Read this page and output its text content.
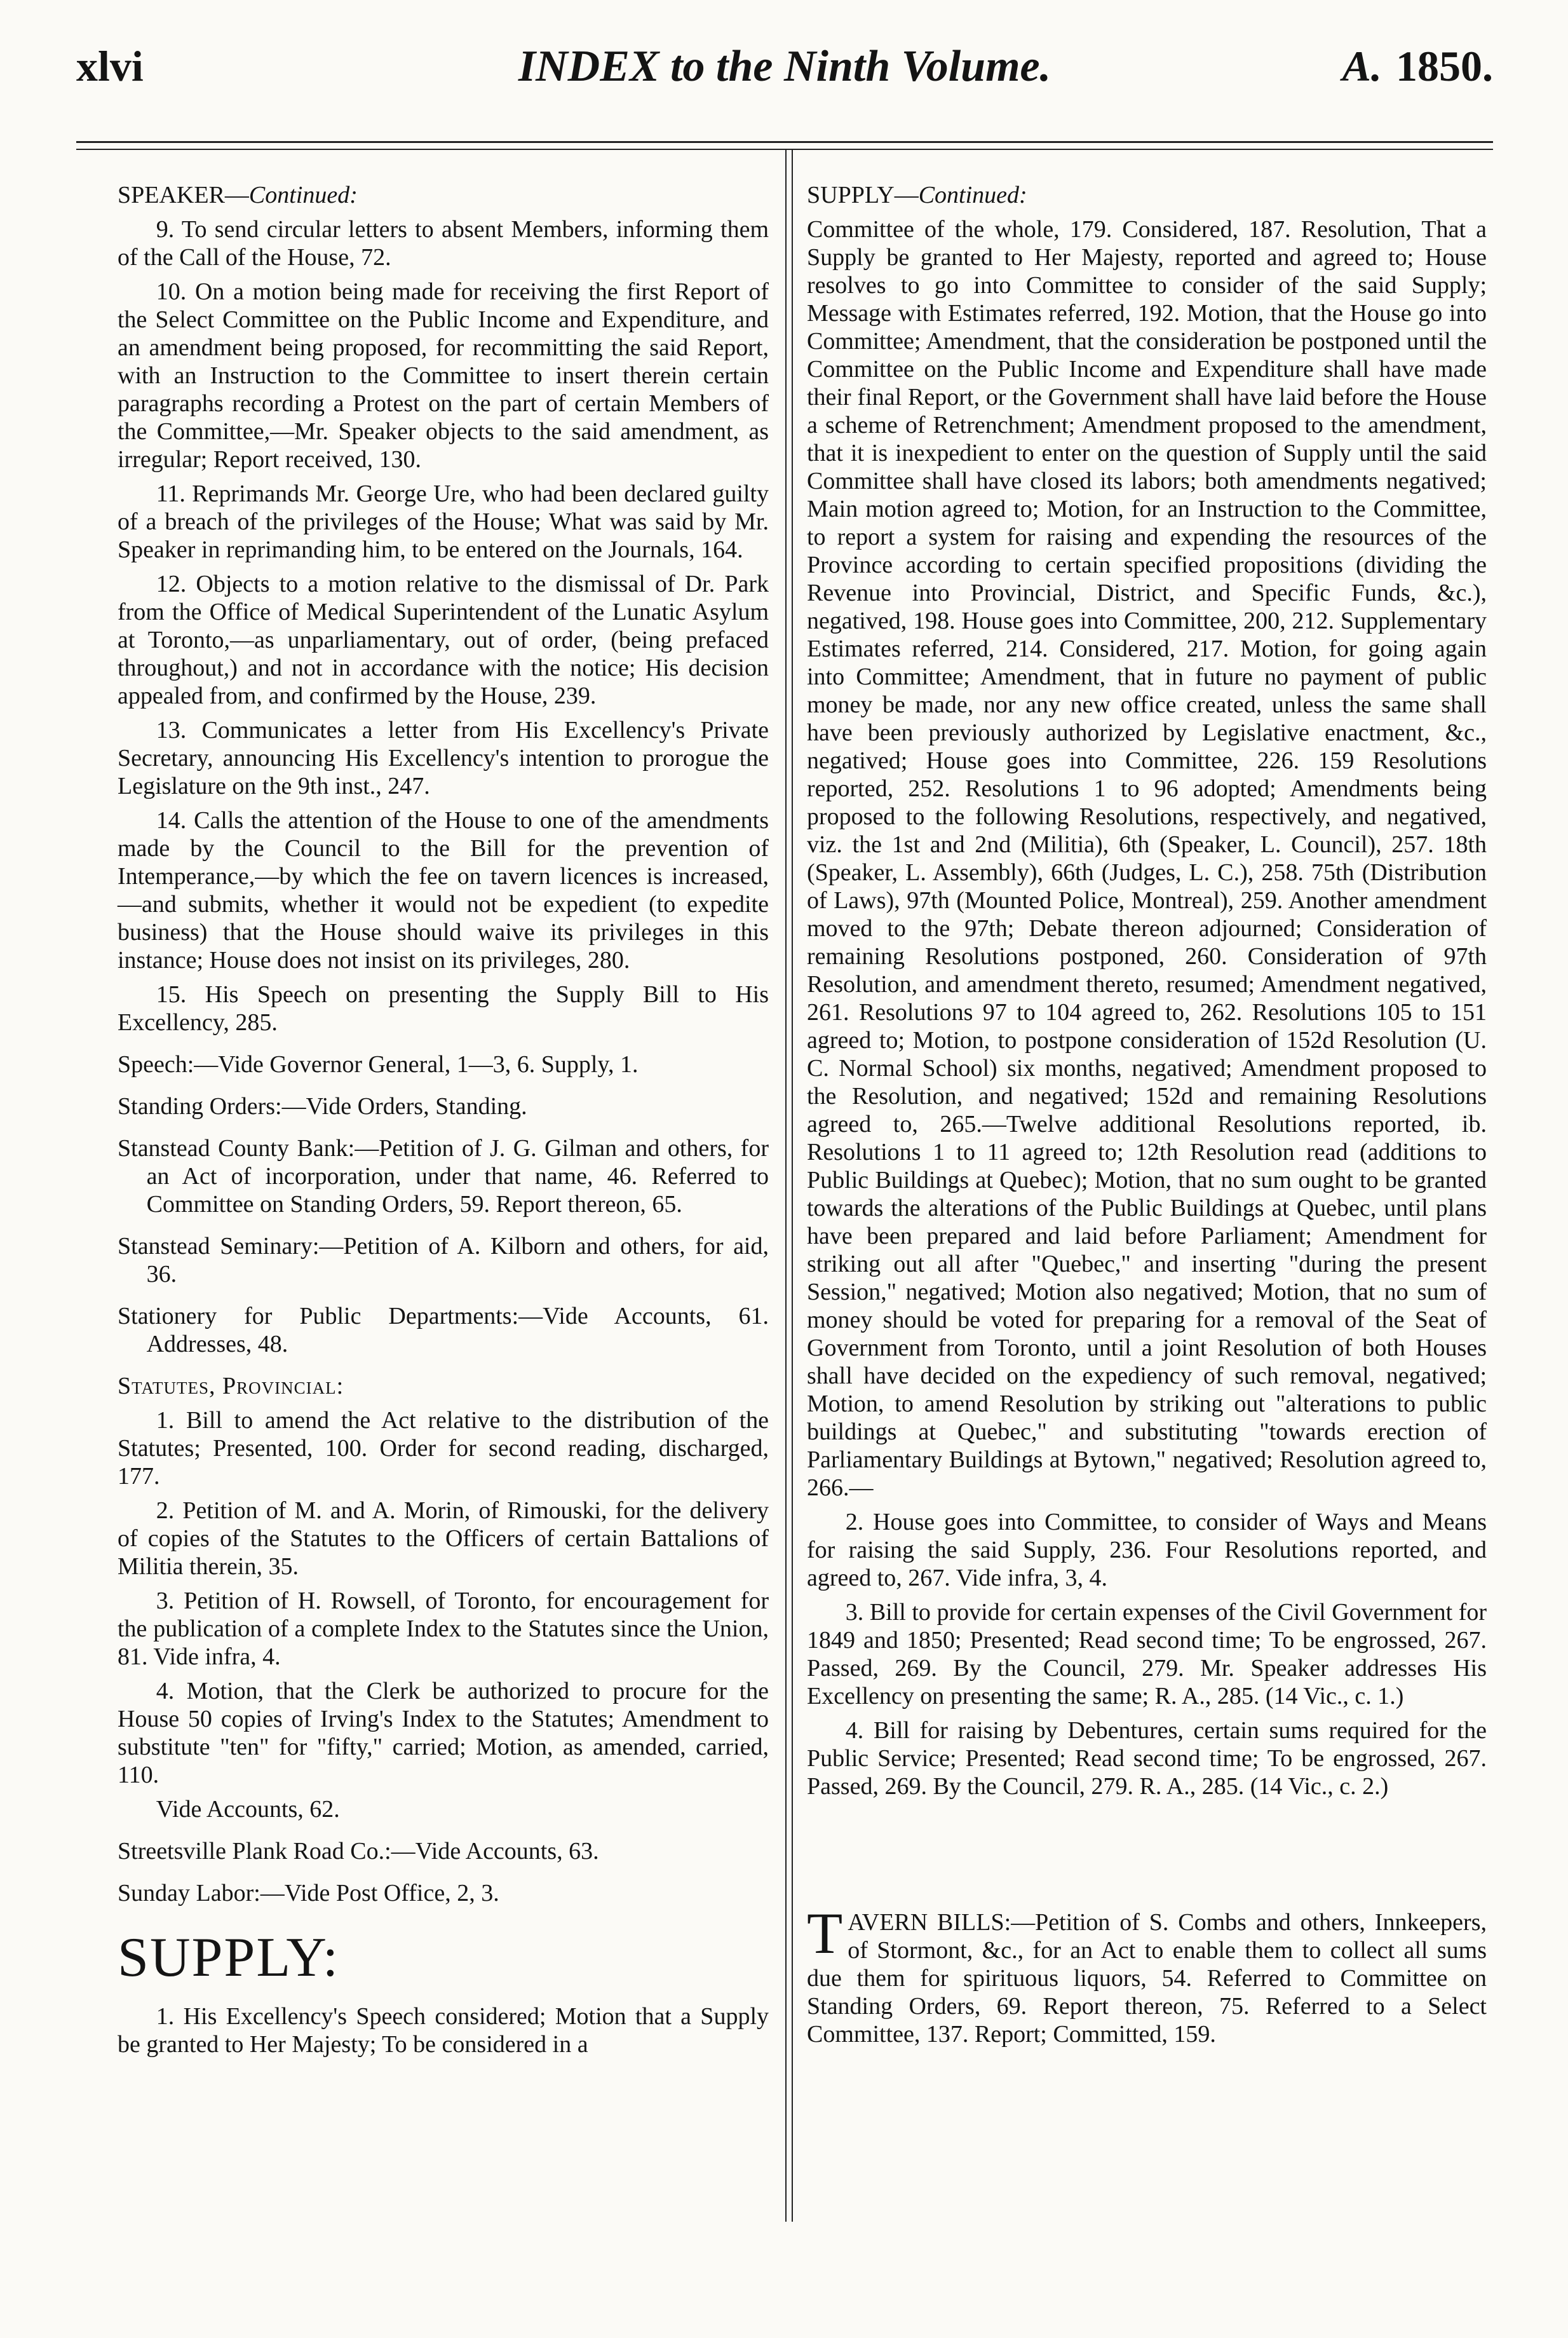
xlvi	INDEX to the Ninth Volume.	A. 1850.

SPEAKER—Continued:

9. To send circular letters to absent Members, informing them of the Call of the House, 72.

10. On a motion being made for receiving the first Report of the Select Committee on the Public Income and Expenditure, and an amendment being proposed, for recommitting the said Report, with an Instruction to the Committee to insert therein certain paragraphs recording a Protest on the part of certain Members of the Committee,—Mr. Speaker objects to the said amendment, as irregular; Report received, 130.

11. Reprimands Mr. George Ure, who had been declared guilty of a breach of the privileges of the House; What was said by Mr. Speaker in reprimanding him, to be entered on the Journals, 164.

12. Objects to a motion relative to the dismissal of Dr. Park from the Office of Medical Superintendent of the Lunatic Asylum at Toronto,—as unparliamentary, out of order, (being prefaced throughout,) and not in accordance with the notice; His decision appealed from, and confirmed by the House, 239.

13. Communicates a letter from His Excellency's Private Secretary, announcing His Excellency's intention to prorogue the Legislature on the 9th inst., 247.

14. Calls the attention of the House to one of the amendments made by the Council to the Bill for the prevention of Intemperance,—by which the fee on tavern licences is increased,—and submits, whether it would not be expedient (to expedite business) that the House should waive its privileges in this instance; House does not insist on its privileges, 280.

15. His Speech on presenting the Supply Bill to His Excellency, 285.

Speech:—Vide Governor General, 1—3, 6. Supply, 1.

Standing Orders:—Vide Orders, Standing.

Stanstead County Bank:—Petition of J. G. Gilman and others, for an Act of incorporation, under that name, 46. Referred to Committee on Standing Orders, 59. Report thereon, 65.

Stanstead Seminary:—Petition of A. Kilborn and others, for aid, 36.

Stationery for Public Departments:—Vide Accounts, 61. Addresses, 48.

Statutes, Provincial:

1. Bill to amend the Act relative to the distribution of the Statutes; Presented, 100. Order for second reading, discharged, 177.

2. Petition of M. and A. Morin, of Rimouski, for the delivery of copies of the Statutes to the Officers of certain Battalions of Militia therein, 35.

3. Petition of H. Rowsell, of Toronto, for encouragement for the publication of a complete Index to the Statutes since the Union, 81. Vide infra, 4.

4. Motion, that the Clerk be authorized to procure for the House 50 copies of Irving's Index to the Statutes; Amendment to substitute "ten" for "fifty," carried; Motion, as amended, carried, 110.

Vide Accounts, 62.

Streetsville Plank Road Co.:—Vide Accounts, 63.

Sunday Labor:—Vide Post Office, 2, 3.

SUPPLY:

1. His Excellency's Speech considered; Motion that a Supply be granted to Her Majesty; To be considered in a

SUPPLY—Continued:

Committee of the whole, 179. Considered, 187. Resolution, That a Supply be granted to Her Majesty, reported and agreed to; House resolves to go into Committee to consider of the said Supply; Message with Estimates referred, 192. Motion, that the House go into Committee; Amendment, that the consideration be postponed until the Committee on the Public Income and Expenditure shall have made their final Report, or the Government shall have laid before the House a scheme of Retrenchment; Amendment proposed to the amendment, that it is inexpedient to enter on the question of Supply until the said Committee shall have closed its labors; both amendments negatived; Main motion agreed to; Motion, for an Instruction to the Committee, to report a system for raising and expending the resources of the Province according to certain specified propositions (dividing the Revenue into Provincial, District, and Specific Funds, &c.), negatived, 198. House goes into Committee, 200, 212. Supplementary Estimates referred, 214. Considered, 217. Motion, for going again into Committee; Amendment, that in future no payment of public money be made, nor any new office created, unless the same shall have been previously authorized by Legislative enactment, &c., negatived; House goes into Committee, 226. 159 Resolutions reported, 252. Resolutions 1 to 96 adopted; Amendments being proposed to the following Resolutions, respectively, and negatived, viz. the 1st and 2nd (Militia), 6th (Speaker, L. Council), 257. 18th (Speaker, L. Assembly), 66th (Judges, L. C.), 258. 75th (Distribution of Laws), 97th (Mounted Police, Montreal), 259. Another amendment moved to the 97th; Debate thereon adjourned; Consideration of remaining Resolutions postponed, 260. Consideration of 97th Resolution, and amendment thereto, resumed; Amendment negatived, 261. Resolutions 97 to 104 agreed to, 262. Resolutions 105 to 151 agreed to; Motion, to postpone consideration of 152d Resolution (U. C. Normal School) six months, negatived; Amendment proposed to the Resolution, and negatived; 152d and remaining Resolutions agreed to, 265.—Twelve additional Resolutions reported, ib. Resolutions 1 to 11 agreed to; 12th Resolution read (additions to Public Buildings at Quebec); Motion, that no sum ought to be granted towards the alterations of the Public Buildings at Quebec, until plans have been prepared and laid before Parliament; Amendment for striking out all after "Quebec," and inserting "during the present Session," negatived; Motion also negatived; Motion, that no sum of money should be voted for preparing for a removal of the Seat of Government from Toronto, until a joint Resolution of both Houses shall have decided on the expediency of such removal, negatived; Motion, to amend Resolution by striking out "alterations to public buildings at Quebec," and substituting "towards erection of Parliamentary Buildings at Bytown," negatived; Resolution agreed to, 266.—

2. House goes into Committee, to consider of Ways and Means for raising the said Supply, 236. Four Resolutions reported, and agreed to, 267. Vide infra, 3, 4.

3. Bill to provide for certain expenses of the Civil Government for 1849 and 1850; Presented; Read second time; To be engrossed, 267. Passed, 269. By the Council, 279. Mr. Speaker addresses His Excellency on presenting the same; R. A., 285. (14 Vic., c. 1.)

4. Bill for raising by Debentures, certain sums required for the Public Service; Presented; Read second time; To be engrossed, 267. Passed, 269. By the Council, 279. R. A., 285. (14 Vic., c. 2.)

TAVERN BILLS:—Petition of S. Combs and others, Innkeepers, of Stormont, &c., for an Act to enable them to collect all sums due them for spirituous liquors, 54. Referred to Committee on Standing Orders, 69. Report thereon, 75. Referred to a Select Committee, 137. Report; Committed, 159.
